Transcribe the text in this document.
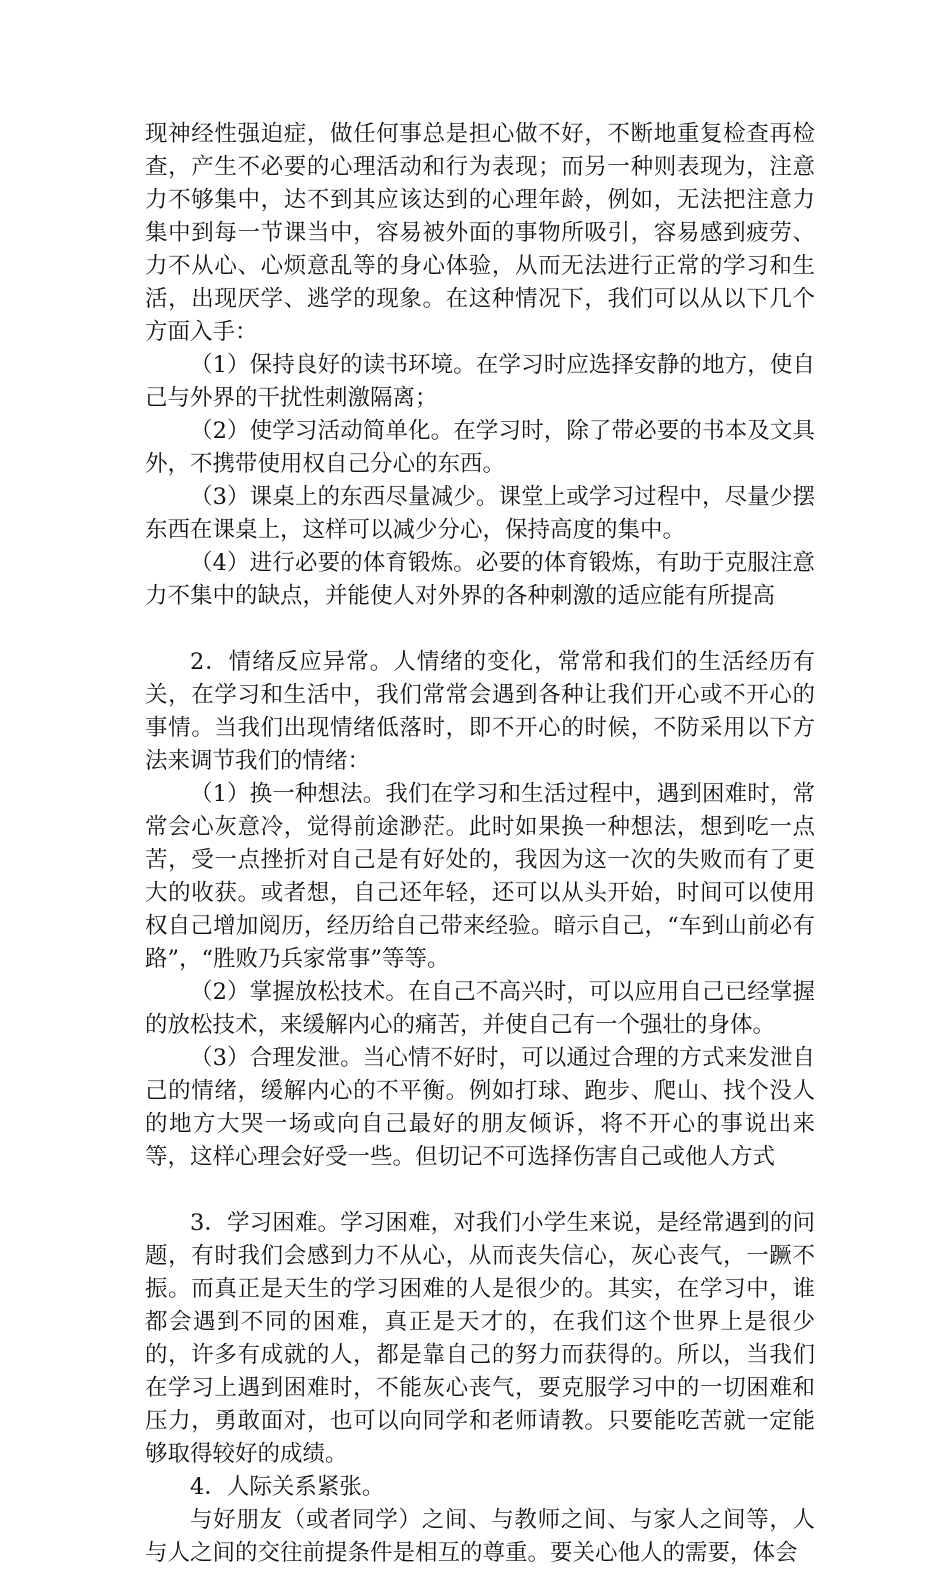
现神经性强迫症，做任何事总是担心做不好，不断地重复检查再检查，产生不必要的心理活动和行为表现；而另一种则表现为，注意力不够集中，达不到其应该达到的心理年龄，例如，无法把注意力集中到每一节课当中，容易被外面的事物所吸引，容易感到疲劳、力不从心、心烦意乱等的身心体验，从而无法进行正常的学习和生活，出现厌学、逃学的现象。在这种情况下，我们可以从以下几个方面入手：

（1）保持良好的读书环境。在学习时应选择安静的地方，使自己与外界的干扰性刺激隔离；

（2）使学习活动简单化。在学习时，除了带必要的书本及文具外，不携带使用权自己分心的东西。

（3）课桌上的东西尽量减少。课堂上或学习过程中，尽量少摆东西在课桌上，这样可以减少分心，保持高度的集中。

（4）进行必要的体育锻炼。必要的体育锻炼，有助于克服注意力不集中的缺点，并能使人对外界的各种刺激的适应能有所提高

2．情绪反应异常。人情绪的变化，常常和我们的生活经历有关，在学习和生活中，我们常常会遇到各种让我们开心或不开心的事情。当我们出现情绪低落时，即不开心的时候，不防采用以下方法来调节我们的情绪：

（1）换一种想法。我们在学习和生活过程中，遇到困难时，常常会心灰意冷，觉得前途渺茫。此时如果换一种想法，想到吃一点苦，受一点挫折对自己是有好处的，我因为这一次的失败而有了更大的收获。或者想，自己还年轻，还可以从头开始，时间可以使用权自己增加阅历，经历给自己带来经验。暗示自己，“车到山前必有路”，“胜败乃兵家常事”等等。

（2）掌握放松技术。在自己不高兴时，可以应用自己已经掌握的放松技术，来缓解内心的痛苦，并使自己有一个强壮的身体。

（3）合理发泄。当心情不好时，可以通过合理的方式来发泄自己的情绪，缓解内心的不平衡。例如打球、跑步、爬山、找个没人的地方大哭一场或向自己最好的朋友倾诉，将不开心的事说出来等，这样心理会好受一些。但切记不可选择伤害自己或他人方式

3．学习困难。学习困难，对我们小学生来说，是经常遇到的问题，有时我们会感到力不从心，从而丧失信心，灰心丧气，一蹶不振。而真正是天生的学习困难的人是很少的。其实，在学习中，谁都会遇到不同的困难，真正是天才的，在我们这个世界上是很少的，许多有成就的人，都是靠自己的努力而获得的。所以，当我们在学习上遇到困难时，不能灰心丧气，要克服学习中的一切困难和压力，勇敢面对，也可以向同学和老师请教。只要能吃苦就一定能够取得较好的成绩。

4．人际关系紧张。

与好朋友（或者同学）之间、与教师之间、与家人之间等，人与人之间的交往前提条件是相互的尊重。要关心他人的需要，体会
